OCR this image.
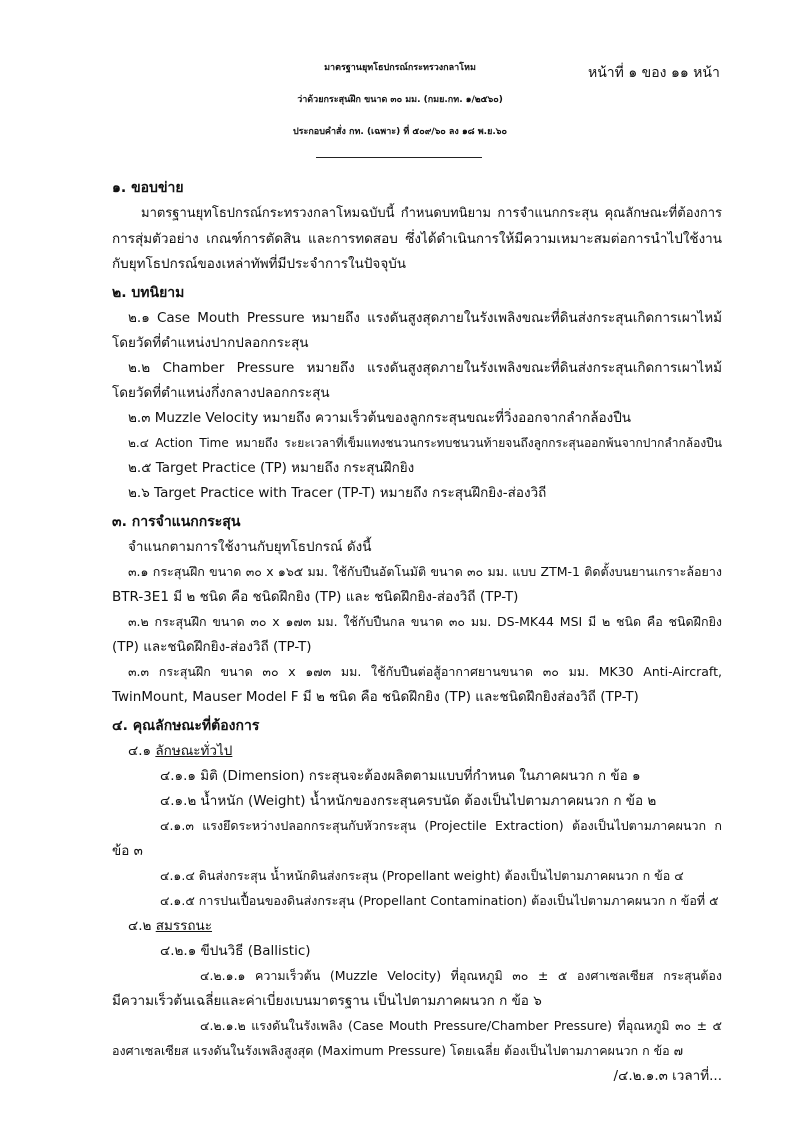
มาตรฐานยุทโธปกรณ์กระทรวงกลาโหม	หน้าที่ ๑ ของ ๑๑ หน้า
ว่าด้วยกระสุนฝึก ขนาด ๓๐ มม. (กมย.กท. ๑/๒๕๖๐)
ประกอบคำสั่ง กท. (เฉพาะ) ที่ ๕๐๙/๖๐ ลง ๑๘ พ.ย.๖๐
๑. ขอบข่าย
มาตรฐานยุทโธปกรณ์กระทรวงกลาโหมฉบับนี้ กำหนดบทนิยาม การจำแนกกระสุน คุณลักษณะที่ต้องการ
การสุ่มตัวอย่าง เกณฑ์การตัดสิน และการทดสอบ ซึ่งได้ดำเนินการให้มีความเหมาะสมต่อการนำไปใช้งาน
กับยุทโธปกรณ์ของเหล่าทัพที่มีประจำการในปัจจุบัน
๒. บทนิยาม
๒.๑ Case Mouth Pressure หมายถึง แรงดันสูงสุดภายในรังเพลิงขณะที่ดินส่งกระสุนเกิดการเผาไหม้
โดยวัดที่ตำแหน่งปากปลอกกระสุน
๒.๒ Chamber Pressure หมายถึง แรงดันสูงสุดภายในรังเพลิงขณะที่ดินส่งกระสุนเกิดการเผาไหม้
โดยวัดที่ตำแหน่งกึ่งกลางปลอกกระสุน
๒.๓ Muzzle Velocity หมายถึง ความเร็วต้นของลูกกระสุนขณะที่วิ่งออกจากลำกล้องปืน
๒.๔ Action Time หมายถึง ระยะเวลาที่เข็มแทงชนวนกระทบชนวนท้ายจนถึงลูกกระสุนออกพ้นจากปากลำกล้องปืน
๒.๕ Target Practice (TP) หมายถึง กระสุนฝึกยิง
๒.๖ Target Practice with Tracer (TP-T) หมายถึง กระสุนฝึกยิง-ส่องวิถี
๓. การจำแนกกระสุน
จำแนกตามการใช้งานกับยุทโธปกรณ์ ดังนี้
๓.๑ กระสุนฝึก ขนาด ๓๐ x ๑๖๕ มม. ใช้กับปืนอัตโนมัติ ขนาด ๓๐ มม. แบบ ZTM-1 ติดตั้งบนยานเกราะล้อยาง
BTR-3E1 มี ๒ ชนิด คือ ชนิดฝึกยิง (TP) และ ชนิดฝึกยิง-ส่องวิถี (TP-T)
๓.๒ กระสุนฝึก ขนาด ๓๐ x ๑๗๓ มม. ใช้กับปืนกล ขนาด ๓๐ มม. DS-MK44 MSI มี ๒ ชนิด คือ ชนิดฝึกยิง
(TP) และชนิดฝึกยิง-ส่องวิถี (TP-T)
๓.๓ กระสุนฝึก ขนาด ๓๐ x ๑๗๓ มม. ใช้กับปืนต่อสู้อากาศยานขนาด ๓๐ มม. MK30 Anti-Aircraft,
TwinMount, Mauser Model F มี ๒ ชนิด คือ ชนิดฝึกยิง (TP) และชนิดฝึกยิงส่องวิถี (TP-T)
๔. คุณลักษณะที่ต้องการ
๔.๑ ลักษณะทั่วไป
๔.๑.๑ มิติ (Dimension) กระสุนจะต้องผลิตตามแบบที่กำหนด ในภาคผนวก ก ข้อ ๑
๔.๑.๒ น้ำหนัก (Weight) น้ำหนักของกระสุนครบนัด ต้องเป็นไปตามภาคผนวก ก ข้อ ๒
๔.๑.๓ แรงยึดระหว่างปลอกกระสุนกับหัวกระสุน (Projectile Extraction) ต้องเป็นไปตามภาคผนวก ก
ข้อ ๓
๔.๑.๔ ดินส่งกระสุน น้ำหนักดินส่งกระสุน (Propellant weight) ต้องเป็นไปตามภาคผนวก ก ข้อ ๔
๔.๑.๕ การปนเปื้อนของดินส่งกระสุน (Propellant Contamination) ต้องเป็นไปตามภาคผนวก ก ข้อที่ ๕
๔.๒ สมรรถนะ
๔.๒.๑ ขีปนวิธี (Ballistic)
๔.๒.๑.๑ ความเร็วต้น (Muzzle Velocity) ที่อุณหภูมิ ๓๐ ± ๕ องศาเซลเซียส กระสุนต้อง
มีความเร็วต้นเฉลี่ยและค่าเบี่ยงเบนมาตรฐาน เป็นไปตามภาคผนวก ก ข้อ ๖
๔.๒.๑.๒ แรงดันในรังเพลิง (Case Mouth Pressure/Chamber Pressure) ที่อุณหภูมิ ๓๐ ± ๕
องศาเซลเซียส แรงดันในรังเพลิงสูงสุด (Maximum Pressure) โดยเฉลี่ย ต้องเป็นไปตามภาคผนวก ก ข้อ ๗
/๔.๒.๑.๓ เวลาที่...
